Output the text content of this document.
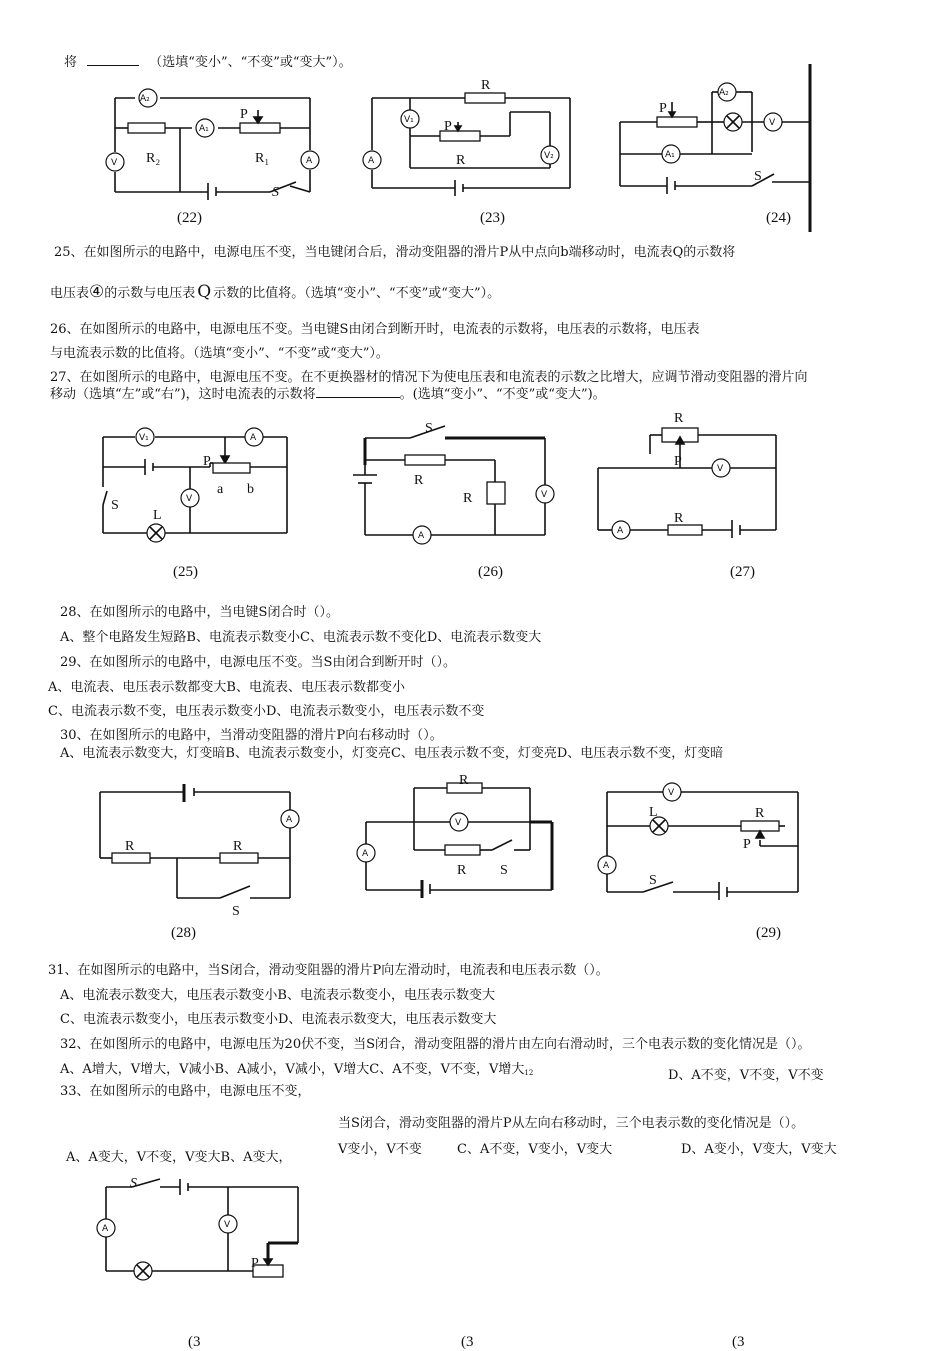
将	（选填“变小”、“不变”或“变大”）。
A₂
A₁
V	A
R₂	R₁
P
S
(22)
V₁
A	V₂
R
P
R
(23)
A₂
V
A₁
P
S
(24)
25、在如图所示的电路中，电源电压不变，当电键闭合后，滑动变阻器的滑片P从中点向b端移动时，电流表Q的示数将
电压表④的示数与电压表 Q 示数的比值将。（选填“变小”、“不变”或“变大”）。
26、在如图所示的电路中，电源电压不变。当电键S由闭合到断开时，电流表的示数将，电压表的示数将，电压表
与电流表示数的比值将。（选填“变小”、“不变”或“变大”）。
27、在如图所示的电路中，电源电压不变。在不更换器材的情况下为使电压表和电流表的示数之比增大，应调节滑动变阻器的滑片向
移动（选填“左”或“右”)，这时电流表的示数将	。(选填“变小”、“不变”或“变大”)。
V₁	A
V
P
a b
S
L
(25)
V
A
S
R
R
(26)
V
A
R
P
R
(27)
28、在如图所示的电路中，当电键S闭合时（）。
A、整个电路发生短路B、电流表示数变小C、电流表示数不变化D、电流表示数变大
29、在如图所示的电路中，电源电压不变。当S由闭合到断开时（）。
A、电流表、电压表示数都变大B、电流表、电压表示数都变小
C、电流表示数不变，电压表示数变小D、电流表示数变小，电压表示数不变
30、在如图所示的电路中，当滑动变阻器的滑片P向右移动时（）。
A、电流表示数变大，灯变暗B、电流表示数变小，灯变亮C、电压表示数不变，灯变亮D、电压表示数不变，灯变暗
A
R	R
S
(28)
V
A
R
R S
V
A
L	R
P
S
(29)
31、在如图所示的电路中，当S闭合，滑动变阻器的滑片P向左滑动时，电流表和电压表示数（）。
A、电流表示数变大，电压表示数变小B、电流表示数变小，电压表示数变大
C、电流表示数变小，电压表示数变小D、电流表示数变大，电压表示数变大
32、在如图所示的电路中，电源电压为20伏不变，当S闭合，滑动变阻器的滑片由左向右滑动时，三个电表示数的变化情况是（）。
A、A增大，V增大，V减小B、A减小，V减小，V增大C、A不变，V不变，V增大12	D、A不变，V不变，V不变
33、在如图所示的电路中，电源电压不变，
当S闭合，滑动变阻器的滑片P从左向右移动时，三个电表示数的变化情况是（）。
A、A变大，V不变，V变大B、A变大，
V变小，V不变	C、A不变，V变小，V变大	D、A变小，V变大，V变大
A	V
S
P
(3	(3	(3
